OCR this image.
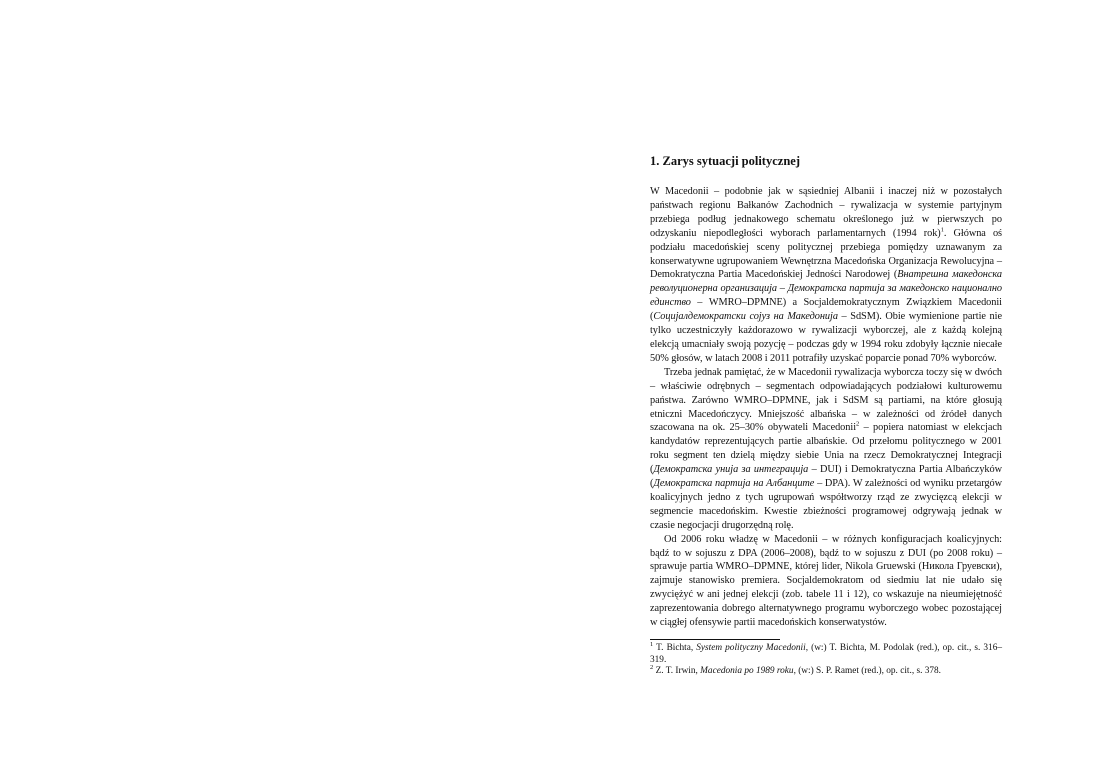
1. Zarys sytuacji politycznej

W Macedonii – podobnie jak w sąsiedniej Albanii i inaczej niż w pozostałych państwach regionu Bałkanów Zachodnich – rywalizacja w systemie partyjnym przebiega podług jednakowego schematu określonego już w pierwszych po odzyskaniu niepodległości wyborach parlamentarnych (1994 rok)$^1$. Główna oś podziału macedońskiej sceny politycznej przebiega pomiędzy uznawanym za konserwatywne ugrupowaniem Wewnętrzna Macedońska Organizacja Rewolucyjna – Demokratyczna Partia Macedońskiej Jedności Narodowej (Внатрешна македонска револуционерна организација – Демократска партија за македонско национално единство – WMRO–DPMNE) a Socjaldemokratycznym Związkiem Macedonii (Социјалдемократски сојуз на Македонија – SdSM). Obie wymienione partie nie tylko uczestniczyły każdorazowo w rywalizacji wyborczej, ale z każdą kolejną elekcją umacniały swoją pozycję – podczas gdy w 1994 roku zdobyły łącznie niecałe 50% głosów, w latach 2008 i 2011 potrafiły uzyskać poparcie ponad 70% wyborców.

Trzeba jednak pamiętać, że w Macedonii rywalizacja wyborcza toczy się w dwóch – właściwie odrębnych – segmentach odpowiadających podziałowi kulturowemu państwa. Zarówno WMRO–DPMNE, jak i SdSM są partiami, na które głosują etniczni Macedończycy. Mniejszość albańska – w zależności od źródeł danych szacowana na ok. 25–30% obywateli Macedonii$^2$ – popiera natomiast w elekcjach kandydatów reprezentujących partie albańskie. Od przełomu politycznego w 2001 roku segment ten dzielą między siebie Unia na rzecz Demokratycznej Integracji (Демократска унија за интеграција – DUI) i Demokratyczna Partia Albańczyków (Демократска партија на Албанците – DPA). W zależności od wyniku przetargów koalicyjnych jedno z tych ugrupowań współtworzy rząd ze zwycięzcą elekcji w segmencie macedońskim. Kwestie zbieżności programowej odgrywają jednak w czasie negocjacji drugorzędną rolę.

Od 2006 roku władzę w Macedonii – w różnych konfiguracjach koalicyjnych: bądź to w sojuszu z DPA (2006–2008), bądź to w sojuszu z DUI (po 2008 roku) – sprawuje partia WMRO–DPMNE, której lider, Nikola Gruewski (Никола Груевски), zajmuje stanowisko premiera. Socjaldemokratom od siedmiu lat nie udało się zwyciężyć w ani jednej elekcji (zob. tabele 11 i 12), co wskazuje na nieumiejętność zaprezentowania dobrego alternatywnego programu wyborczego wobec pozostającej w ciągłej ofensywie partii macedońskich konserwatystów.

$^1$ T. Bichta, System polityczny Macedonii, (w:) T. Bichta, M. Podolak (red.), op. cit., s. 316–319.

$^2$ Z. T. Irwin, Macedonia po 1989 roku, (w:) S. P. Ramet (red.), op. cit., s. 378.
